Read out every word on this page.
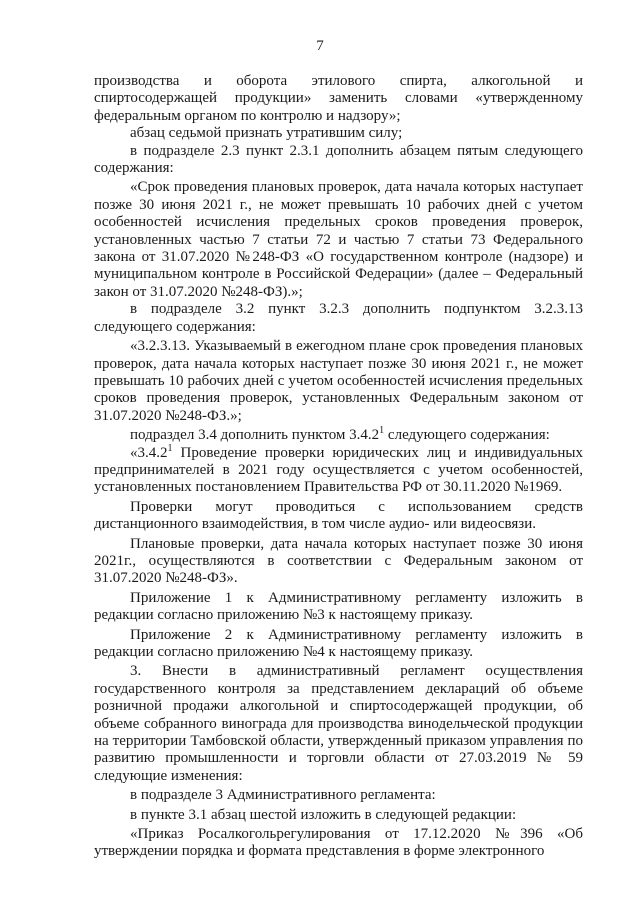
7

производства и оборота этилового спирта, алкогольной и спиртосодержащей продукции» заменить словами «утвержденному федеральным органом по контролю и надзору»;

абзац седьмой признать утратившим силу;

в подразделе 2.3 пункт 2.3.1 дополнить абзацем пятым следующего содержания:

«Срок проведения плановых проверок, дата начала которых наступает позже 30 июня 2021 г., не может превышать 10 рабочих дней с учетом особенностей исчисления предельных сроков проведения проверок, установленных частью 7 статьи 72 и частью 7 статьи 73 Федерального закона от 31.07.2020 №248-ФЗ «О государственном контроле (надзоре) и муниципальном контроле в Российской Федерации» (далее – Федеральный закон от 31.07.2020 №248-ФЗ).»;

в подразделе 3.2 пункт 3.2.3 дополнить подпунктом 3.2.3.13 следующего содержания:

«3.2.3.13. Указываемый в ежегодном плане срок проведения плановых проверок, дата начала которых наступает позже 30 июня 2021 г., не может превышать 10 рабочих дней с учетом особенностей исчисления предельных сроков проведения проверок, установленных Федеральным законом от 31.07.2020 №248-ФЗ.»;

подраздел 3.4 дополнить пунктом 3.4.2$^1$ следующего содержания:

«3.4.2$^1$ Проведение проверки юридических лиц и индивидуальных предпринимателей в 2021 году осуществляется с учетом особенностей, установленных постановлением Правительства РФ от 30.11.2020 №1969.

Проверки могут проводиться с использованием средств дистанционного взаимодействия, в том числе аудио- или видеосвязи.

Плановые проверки, дата начала которых наступает позже 30 июня 2021г., осуществляются в соответствии с Федеральным законом от 31.07.2020 №248-ФЗ».

Приложение 1 к Административному регламенту изложить в редакции согласно приложению №3 к настоящему приказу.

Приложение 2 к Административному регламенту изложить в редакции согласно приложению №4 к настоящему приказу.

3. Внести в административный регламент осуществления государственного контроля за представлением деклараций об объеме розничной продажи алкогольной и спиртосодержащей продукции, об объеме собранного винограда для производства винодельческой продукции на территории Тамбовской области, утвержденный приказом управления по развитию промышленности и торговли области от 27.03.2019 № 59 следующие изменения:

в подразделе 3 Административного регламента:

в пункте 3.1 абзац шестой изложить в следующей редакции:

«Приказ Росалкогольрегулирования от 17.12.2020 №396 «Об утверждении порядка и формата представления в форме электронного
